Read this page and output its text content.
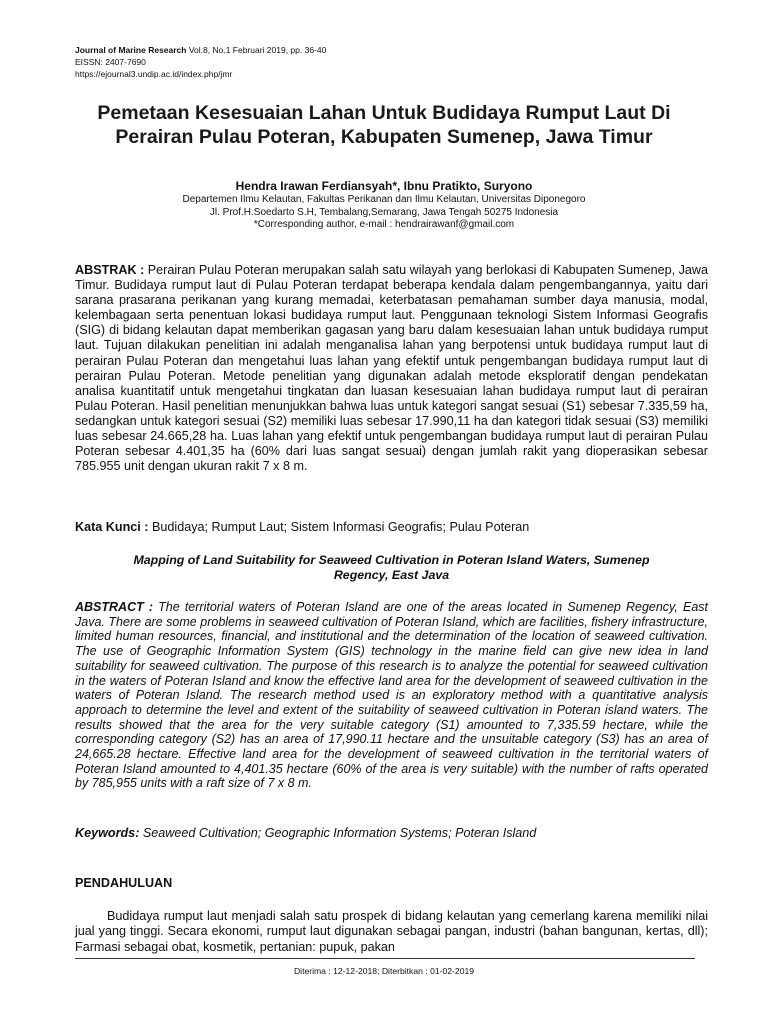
Journal of Marine Research Vol.8, No.1 Februari 2019, pp. 36-40
EISSN: 2407-7690
https://ejournal3.undip.ac.id/index.php/jmr
Pemetaan Kesesuaian Lahan Untuk Budidaya Rumput Laut Di
Perairan Pulau Poteran, Kabupaten Sumenep, Jawa Timur
Hendra Irawan Ferdiansyah*, Ibnu Pratikto, Suryono
Departemen Ilmu Kelautan, Fakultas Perikanan dan Ilmu Kelautan, Universitas Diponegoro
Jl. Prof.H.Soedarto S.H, Tembalang,Semarang, Jawa Tengah 50275 Indonesia
*Corresponding author, e-mail : hendrairawanf@gmail.com
ABSTRAK : Perairan Pulau Poteran merupakan salah satu wilayah yang berlokasi di Kabupaten Sumenep, Jawa Timur. Budidaya rumput laut di Pulau Poteran terdapat beberapa kendala dalam pengembangannya, yaitu dari sarana prasarana perikanan yang kurang memadai, keterbatasan pemahaman sumber daya manusia, modal, kelembagaan serta penentuan lokasi budidaya rumput laut. Penggunaan teknologi Sistem Informasi Geografis (SIG) di bidang kelautan dapat memberikan gagasan yang baru dalam kesesuaian lahan untuk budidaya rumput laut. Tujuan dilakukan penelitian ini adalah menganalisa lahan yang berpotensi untuk budidaya rumput laut di perairan Pulau Poteran dan mengetahui luas lahan yang efektif untuk pengembangan budidaya rumput laut di perairan Pulau Poteran. Metode penelitian yang digunakan adalah metode eksploratif dengan pendekatan analisa kuantitatif untuk mengetahui tingkatan dan luasan kesesuaian lahan budidaya rumput laut di perairan Pulau Poteran. Hasil penelitian menunjukkan bahwa luas untuk kategori sangat sesuai (S1) sebesar 7.335,59 ha, sedangkan untuk kategori sesuai (S2) memiliki luas sebesar 17.990,11 ha dan kategori tidak sesuai (S3) memiliki luas sebesar 24.665,28 ha. Luas lahan yang efektif untuk pengembangan budidaya rumput laut di perairan Pulau Poteran sebesar 4.401,35 ha (60% dari luas sangat sesuai) dengan jumlah rakit yang dioperasikan sebesar 785.955 unit dengan ukuran rakit 7 x 8 m.
Kata Kunci : Budidaya; Rumput Laut; Sistem Informasi Geografis; Pulau Poteran
Mapping of Land Suitability for Seaweed Cultivation in Poteran Island Waters, Sumenep
Regency, East Java
ABSTRACT : The territorial waters of Poteran Island are one of the areas located in Sumenep Regency, East Java. There are some problems in seaweed cultivation of Poteran Island, which are facilities, fishery infrastructure, limited human resources, financial, and institutional and the determination of the location of seaweed cultivation. The use of Geographic Information System (GIS) technology in the marine field can give new idea in land suitability for seaweed cultivation. The purpose of this research is to analyze the potential for seaweed cultivation in the waters of Poteran Island and know the effective land area for the development of seaweed cultivation in the waters of Poteran Island. The research method used is an exploratory method with a quantitative analysis approach to determine the level and extent of the suitability of seaweed cultivation in Poteran island waters. The results showed that the area for the very suitable category (S1) amounted to 7,335.59 hectare, while the corresponding category (S2) has an area of 17,990.11 hectare and the unsuitable category (S3) has an area of 24,665.28 hectare. Effective land area for the development of seaweed cultivation in the territorial waters of Poteran Island amounted to 4,401.35 hectare (60% of the area is very suitable) with the number of rafts operated by 785,955 units with a raft size of 7 x 8 m.
Keywords: Seaweed Cultivation; Geographic Information Systems; Poteran Island
PENDAHULUAN
Budidaya rumput laut menjadi salah satu prospek di bidang kelautan yang cemerlang karena memiliki nilai jual yang tinggi. Secara ekonomi, rumput laut digunakan sebagai pangan, industri (bahan bangunan, kertas, dll); Farmasi sebagai obat, kosmetik, pertanian: pupuk, pakan
Diterima : 12-12-2018; Diterbitkan : 01-02-2019
